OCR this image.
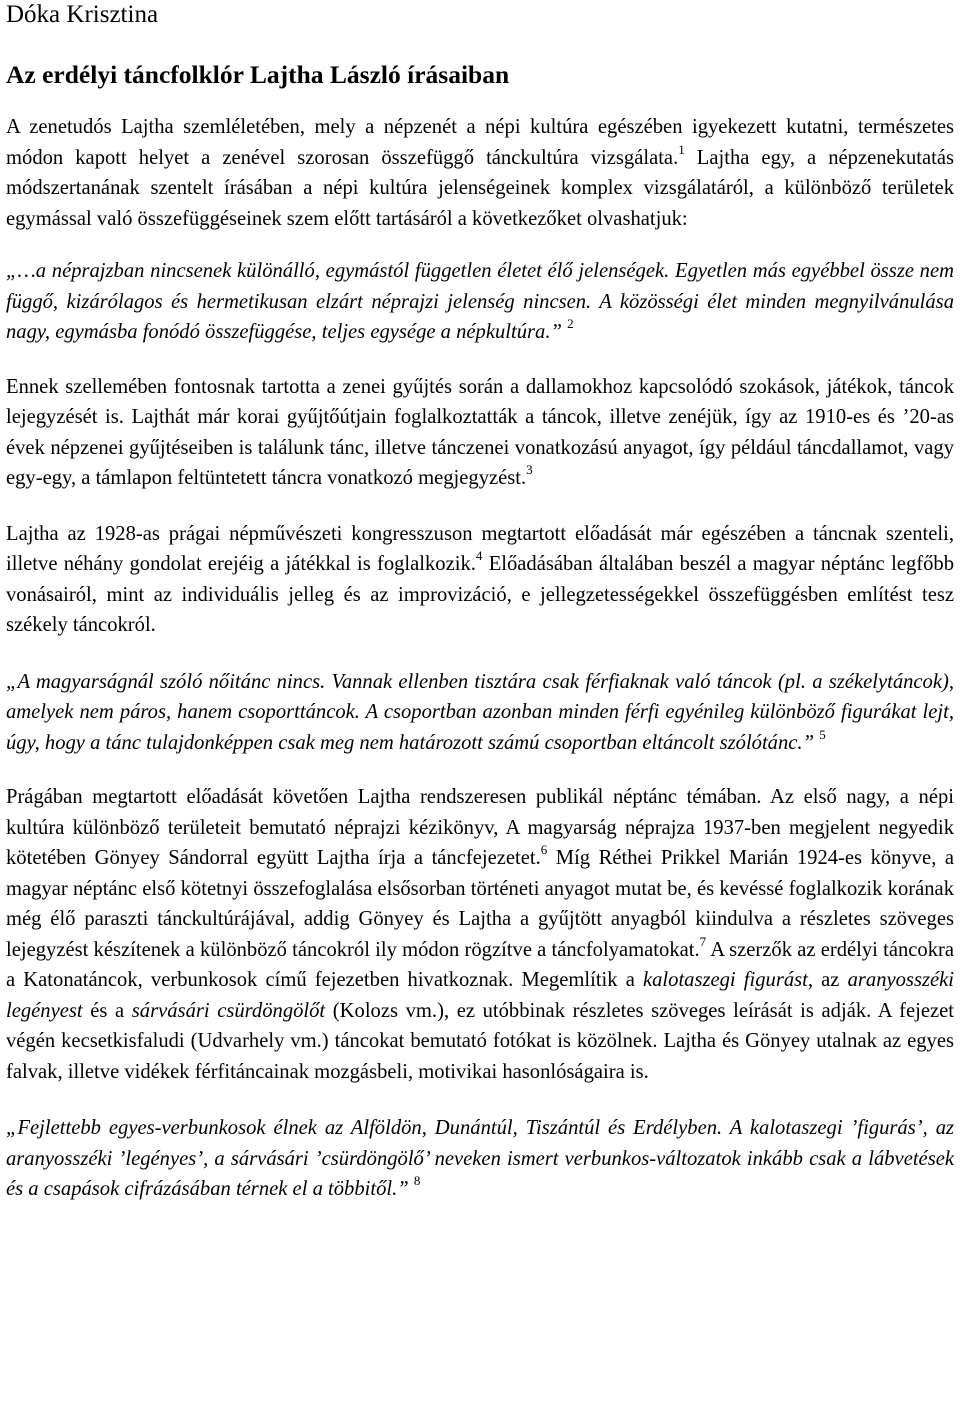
Dóka Krisztina

Az erdélyi táncfolklór Lajtha László írásaiban

A zenetudós Lajtha szemléletében, mely a népzenét a népi kultúra egészében igyekezett kutatni, természetes módon kapott helyet a zenével szorosan összefüggő tánckultúra vizsgálata.$^1$ Lajtha egy, a népzenekutatás módszertanának szentelt írásában a népi kultúra jelenségeinek komplex vizsgálatáról, a különböző területek egymással való összefüggéseinek szem előtt tartásáról a következőket olvashatjuk:

„…a néprajzban nincsenek különálló, egymástól független életet élő jelenségek. Egyetlen más egyébbel össze nem függő, kizárólagos és hermetikusan elzárt néprajzi jelenség nincsen. A közösségi élet minden megnyilvánulása nagy, egymásba fonódó összefüggése, teljes egysége a népkultúra.” $^2$

Ennek szellemében fontosnak tartotta a zenei gyűjtés során a dallamokhoz kapcsolódó szokások, játékok, táncok lejegyzését is. Lajthát már korai gyűjtőútjain foglalkoztatták a táncok, illetve zenéjük, így az 1910-es és ’20-as évek népzenei gyűjtéseiben is találunk tánc, illetve tánczenei vonatkozású anyagot, így például táncdallamot, vagy egy-egy, a támlapon feltüntetett táncra vonatkozó megjegyzést.$^3$

Lajtha az 1928-as prágai népművészeti kongresszuson megtartott előadását már egészében a táncnak szenteli, illetve néhány gondolat erejéig a játékkal is foglalkozik.$^4$ Előadásában általában beszél a magyar néptánc legfőbb vonásairól, mint az individuális jelleg és az improvizáció, e jellegzetességekkel összefüggésben említést tesz székely táncokról.

„A magyarságnál szóló nőitánc nincs. Vannak ellenben tisztára csak férfiaknak való táncok (pl. a székelytáncok), amelyek nem páros, hanem csoporttáncok. A csoportban azonban minden férfi egyénileg különböző figurákat lejt, úgy, hogy a tánc tulajdonképpen csak meg nem határozott számú csoportban eltáncolt szólótánc.” $^5$

Prágában megtartott előadását követően Lajtha rendszeresen publikál néptánc témában. Az első nagy, a népi kultúra különböző területeit bemutató néprajzi kézikönyv, A magyarság néprajza 1937-ben megjelent negyedik kötetében Gönyey Sándorral együtt Lajtha írja a táncfejezetet.$^6$ Míg Réthei Prikkel Marián 1924-es könyve, a magyar néptánc első kötetnyi összefoglalása elsősorban történeti anyagot mutat be, és kevéssé foglalkozik korának még élő paraszti tánckultúrájával, addig Gönyey és Lajtha a gyűjtött anyagból kiindulva a részletes szöveges lejegyzést készítenek a különböző táncokról ily módon rögzítve a táncfolyamatokat.$^7$ A szerzők az erdélyi táncokra a Katonatáncok, verbunkosok című fejezetben hivatkoznak. Megemlítik a kalotaszegi figurást, az aranyosszéki legényest és a sárvásári csürdöngölőt (Kolozs vm.), ez utóbbinak részletes szöveges leírását is adják. A fejezet végén kecsetkisfaludi (Udvarhely vm.) táncokat bemutató fotókat is közölnek. Lajtha és Gönyey utalnak az egyes falvak, illetve vidékek férfitáncainak mozgásbeli, motivikai hasonlóságaira is.

„Fejlettebb egyes-verbunkosok élnek az Alföldön, Dunántúl, Tiszántúl és Erdélyben. A kalotaszegi ’figurás’, az aranyosszéki ’legényes’, a sárvásári ’csürdöngölő’ neveken ismert verbunkos-változatok inkább csak a lábvetések és a csapások cifrázásában térnek el a többitől.” $^8$
